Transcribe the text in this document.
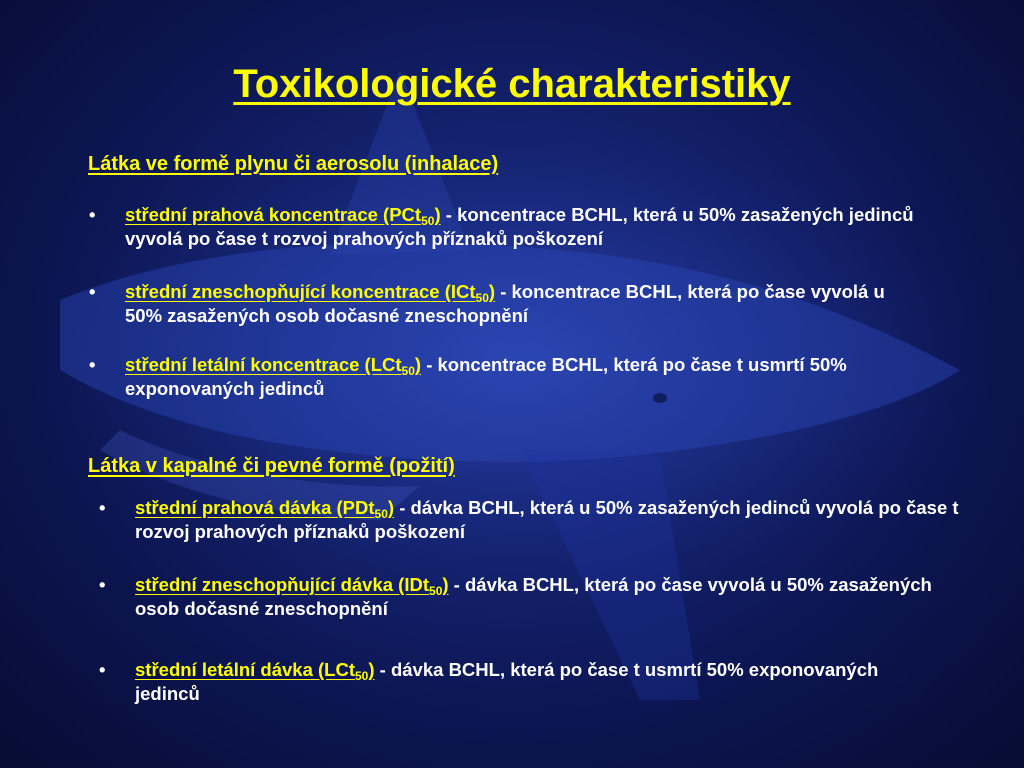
Toxikologické charakteristiky
Látka ve formě plynu či aerosolu (inhalace)
• střední prahová koncentrace (PCt$_{50}$) - koncentrace BCHL, která u 50% zasažených jedinců vyvolá po čase t rozvoj prahových příznaků poškození
• střední zneschopňující koncentrace (ICt$_{50}$) - koncentrace BCHL, která po čase vyvolá u 50% zasažených osob dočasné zneschopnění
• střední letální koncentrace (LCt$_{50}$) - koncentrace BCHL, která po čase t usmrtí 50% exponovaných jedinců
Látka v kapalné či pevné formě (požití)
• střední prahová dávka (PDt$_{50}$) - dávka BCHL, která u 50% zasažených jedinců vyvolá po čase t rozvoj prahových příznaků poškození
• střední zneschopňující dávka (IDt$_{50}$) - dávka BCHL, která po čase vyvolá u 50% zasažených osob dočasné zneschopnění
• střední letální dávka (LCt$_{50}$) - dávka BCHL, která po čase t usmrtí 50% exponovaných jedinců
